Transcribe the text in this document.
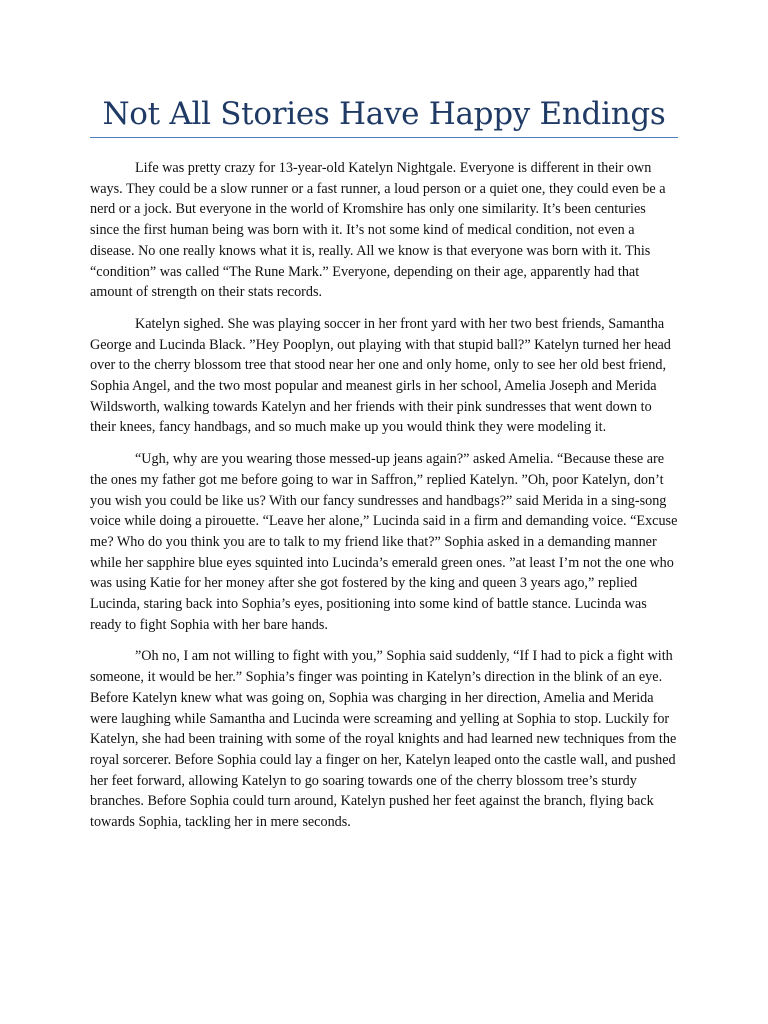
Not All Stories Have Happy Endings

Life was pretty crazy for 13-year-old Katelyn Nightgale. Everyone is different in their own ways. They could be a slow runner or a fast runner, a loud person or a quiet one, they could even be a nerd or a jock. But everyone in the world of Kromshire has only one similarity. It’s been centuries since the first human being was born with it. It’s not some kind of medical condition, not even a disease. No one really knows what it is, really. All we know is that everyone was born with it. This “condition” was called “The Rune Mark.” Everyone, depending on their age, apparently had that amount of strength on their stats records.

Katelyn sighed. She was playing soccer in her front yard with her two best friends, Samantha George and Lucinda Black. ”Hey Pooplyn, out playing with that stupid ball?” Katelyn turned her head over to the cherry blossom tree that stood near her one and only home, only to see her old best friend, Sophia Angel, and the two most popular and meanest girls in her school, Amelia Joseph and Merida Wildsworth, walking towards Katelyn and her friends with their pink sundresses that went down to their knees, fancy handbags, and so much make up you would think they were modeling it.

“Ugh, why are you wearing those messed-up jeans again?” asked Amelia. “Because these are the ones my father got me before going to war in Saffron,” replied Katelyn. ”Oh, poor Katelyn, don’t you wish you could be like us? With our fancy sundresses and handbags?” said Merida in a sing-song voice while doing a pirouette. “Leave her alone,” Lucinda said in a firm and demanding voice. “Excuse me? Who do you think you are to talk to my friend like that?” Sophia asked in a demanding manner while her sapphire blue eyes squinted into Lucinda’s emerald green ones. ”at least I’m not the one who was using Katie for her money after she got fostered by the king and queen 3 years ago,” replied Lucinda, staring back into Sophia’s eyes, positioning into some kind of battle stance. Lucinda was ready to fight Sophia with her bare hands.

”Oh no, I am not willing to fight with you,” Sophia said suddenly, “If I had to pick a fight with someone, it would be her.” Sophia’s finger was pointing in Katelyn’s direction in the blink of an eye. Before Katelyn knew what was going on, Sophia was charging in her direction, Amelia and Merida were laughing while Samantha and Lucinda were screaming and yelling at Sophia to stop. Luckily for Katelyn, she had been training with some of the royal knights and had learned new techniques from the royal sorcerer. Before Sophia could lay a finger on her, Katelyn leaped onto the castle wall, and pushed her feet forward, allowing Katelyn to go soaring towards one of the cherry blossom tree’s sturdy branches. Before Sophia could turn around, Katelyn pushed her feet against the branch, flying back towards Sophia, tackling her in mere seconds.
